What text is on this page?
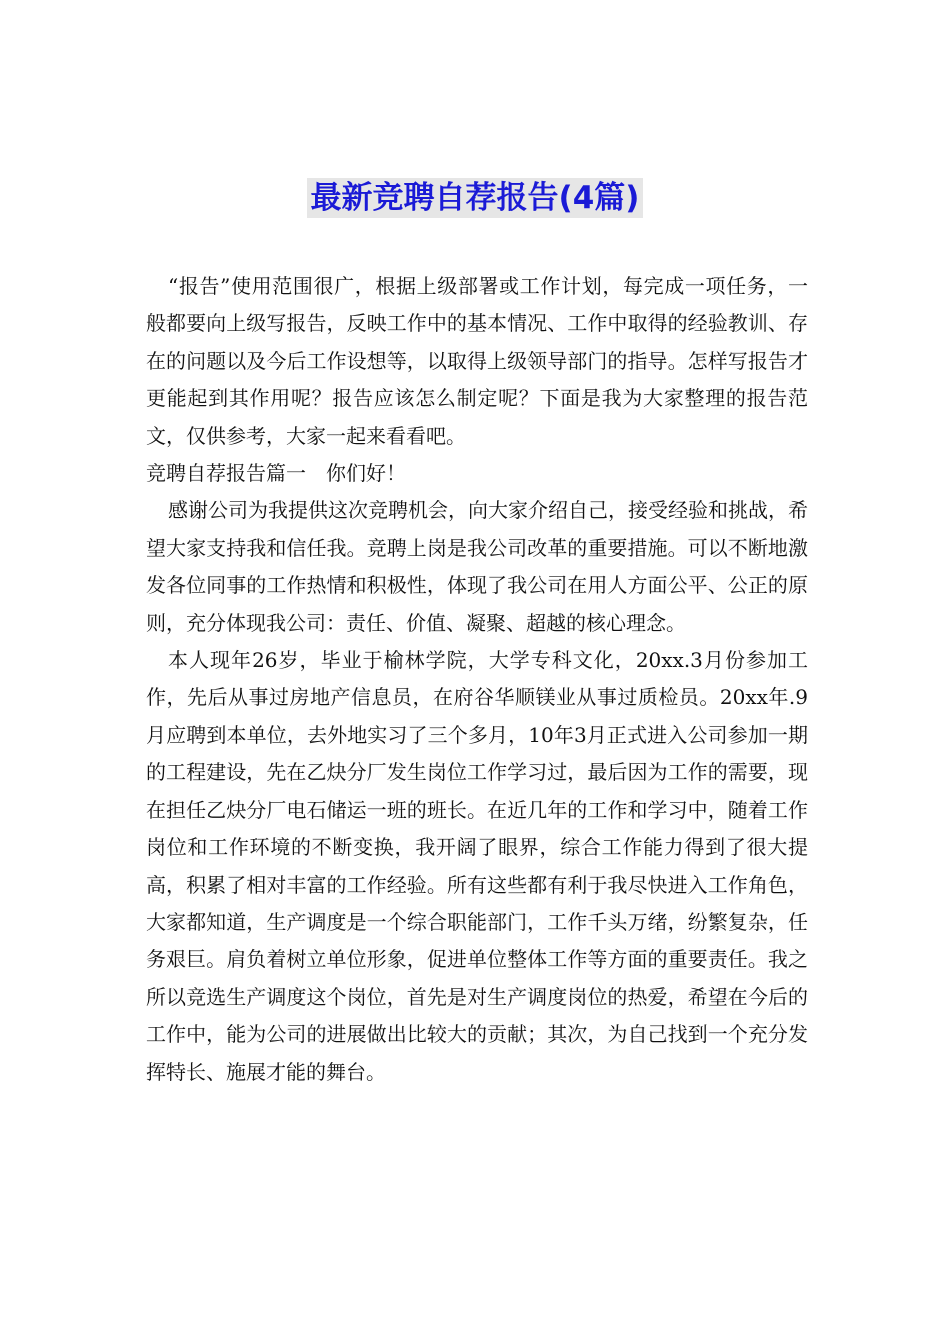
最新竞聘自荐报告(4篇)

“报告”使用范围很广，根据上级部署或工作计划，每完成一项任务，一般都要向上级写报告，反映工作中的基本情况、工作中取得的经验教训、存在的问题以及今后工作设想等，以取得上级领导部门的指导。怎样写报告才更能起到其作用呢？报告应该怎么制定呢？下面是我为大家整理的报告范文，仅供参考，大家一起来看看吧。

竞聘自荐报告篇一　你们好！

感谢公司为我提供这次竞聘机会，向大家介绍自己，接受经验和挑战，希望大家支持我和信任我。竞聘上岗是我公司改革的重要措施。可以不断地激发各位同事的工作热情和积极性，体现了我公司在用人方面公平、公正的原则，充分体现我公司：责任、价值、凝聚、超越的核心理念。

本人现年26岁，毕业于榆林学院，大学专科文化，20xx.3月份参加工作，先后从事过房地产信息员，在府谷华顺镁业从事过质检员。20xx年.9月应聘到本单位，去外地实习了三个多月，10年3月正式进入公司参加一期的工程建设，先在乙炔分厂发生岗位工作学习过，最后因为工作的需要，现在担任乙炔分厂电石储运一班的班长。在近几年的工作和学习中，随着工作岗位和工作环境的不断变换，我开阔了眼界，综合工作能力得到了很大提高，积累了相对丰富的工作经验。所有这些都有利于我尽快进入工作角色，大家都知道，生产调度是一个综合职能部门，工作千头万绪，纷繁复杂，任务艰巨。肩负着树立单位形象，促进单位整体工作等方面的重要责任。我之所以竞选生产调度这个岗位，首先是对生产调度岗位的热爱，希望在今后的工作中，能为公司的进展做出比较大的贡献；其次，为自己找到一个充分发挥特长、施展才能的舞台。
